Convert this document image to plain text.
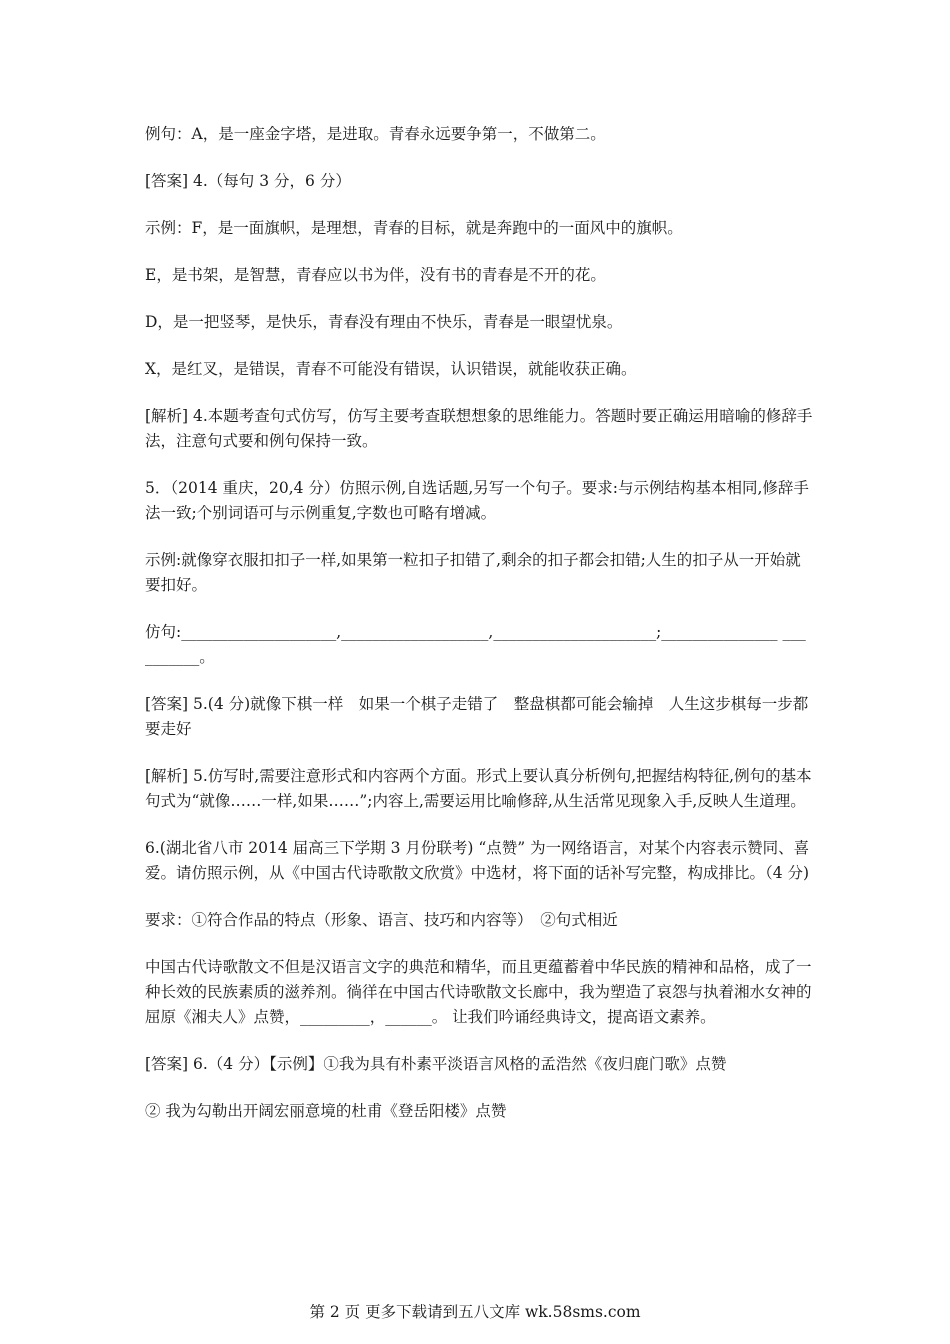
例句：A，是一座金字塔，是进取。青春永远要争第一，不做第二。

[答案] 4.（每句 3 分，6 分）

示例：F，是一面旗帜，是理想，青春的目标，就是奔跑中的一面风中的旗帜。

E，是书架，是智慧，青春应以书为伴，没有书的青春是不开的花。

D，是一把竖琴，是快乐，青春没有理由不快乐，青春是一眼望忧泉。

X，是红叉，是错误，青春不可能没有错误，认识错误，就能收获正确。

[解析] 4.本题考查句式仿写，仿写主要考查联想想象的思维能力。答题时要正确运用暗喻的修辞手法，注意句式要和例句保持一致。

5．（2014 重庆，20,4 分）仿照示例,自选话题,另写一个句子。要求:与示例结构基本相同,修辞手法一致;个别词语可与示例重复,字数也可略有增减。

示例:就像穿衣服扣扣子一样,如果第一粒扣子扣错了,剩余的扣子都会扣错;人生的扣子从一开始就要扣好。

仿句:____________________,___________________,_____________________;_______________ __________。

[答案] 5.(4 分)就像下棋一样　如果一个棋子走错了　整盘棋都可能会输掉　人生这步棋每一步都要走好

[解析] 5.仿写时,需要注意形式和内容两个方面。形式上要认真分析例句,把握结构特征,例句的基本句式为“就像……一样,如果……”;内容上,需要运用比喻修辞,从生活常见现象入手,反映人生道理。

6.(湖北省八市 2014 届高三下学期 3 月份联考) “点赞” 为一网络语言，对某个内容表示赞同、喜爱。请仿照示例，从《中国古代诗歌散文欣赏》中选材，将下面的话补写完整，构成排比。（4 分)

要求：①符合作品的特点（形象、语言、技巧和内容等）　②句式相近

中国古代诗歌散文不但是汉语言文字的典范和精华，而且更蕴蓄着中华民族的精神和品格，成了一种长效的民族素质的滋养剂。徜徉在中国古代诗歌散文长廊中，我为塑造了哀怨与执着湘水女神的屈原《湘夫人》点赞，_________，______。 让我们吟诵经典诗文，提高语文素养。

[答案] 6.（4 分）【示例】①我为具有朴素平淡语言风格的孟浩然《夜归鹿门歌》点赞

② 我为勾勒出开阔宏丽意境的杜甫《登岳阳楼》点赞

第 2 页 更多下载请到五八文库 wk.58sms.com
